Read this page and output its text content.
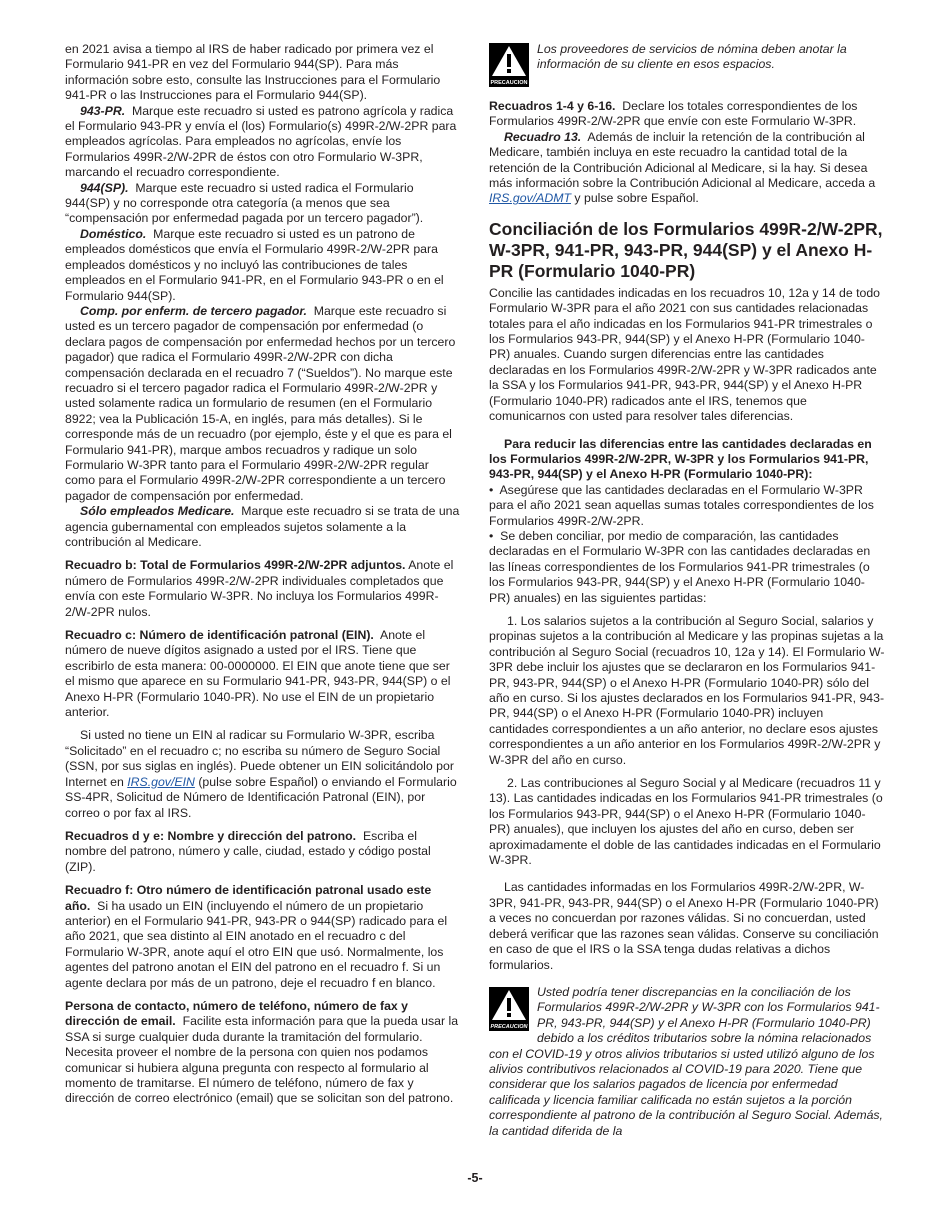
en 2021 avisa a tiempo al IRS de haber radicado por primera vez el Formulario 941-PR en vez del Formulario 944(SP). Para más información sobre esto, consulte las Instrucciones para el Formulario 941-PR o las Instrucciones para el Formulario 944(SP).

943-PR. Marque este recuadro si usted es patrono agrícola y radica el Formulario 943-PR y envía el (los) Formulario(s) 499R-2/W-2PR para empleados agrícolas. Para empleados no agrícolas, envíe los Formularios 499R-2/W-2PR de éstos con otro Formulario W-3PR, marcando el recuadro correspondiente.

944(SP). Marque este recuadro si usted radica el Formulario 944(SP) y no corresponde otra categoría (a menos que sea “compensación por enfermedad pagada por un tercero pagador”).

Doméstico. Marque este recuadro si usted es un patrono de empleados domésticos que envía el Formulario 499R-2/W-2PR para empleados domésticos y no incluyó las contribuciones de tales empleados en el Formulario 941-PR, en el Formulario 943-PR o en el Formulario 944(SP).

Comp. por enferm. de tercero pagador. Marque este recuadro si usted es un tercero pagador de compensación por enfermedad (o declara pagos de compensación por enfermedad hechos por un tercero pagador) que radica el Formulario 499R-2/W-2PR con dicha compensación declarada en el recuadro 7 (“Sueldos”). No marque este recuadro si el tercero pagador radica el Formulario 499R-2/W-2PR y usted solamente radica un formulario de resumen (en el Formulario 8922; vea la Publicación 15-A, en inglés, para más detalles). Si le corresponde más de un recuadro (por ejemplo, éste y el que es para el Formulario 941-PR), marque ambos recuadros y radique un solo Formulario W-3PR tanto para el Formulario 499R-2/W-2PR regular como para el Formulario 499R-2/W-2PR correspondiente a un tercero pagador de compensación por enfermedad.

Sólo empleados Medicare. Marque este recuadro si se trata de una agencia gubernamental con empleados sujetos solamente a la contribución al Medicare.

Recuadro b: Total de Formularios 499R-2/W-2PR adjuntos. Anote el número de Formularios 499R-2/W-2PR individuales completados que envía con este Formulario W-3PR. No incluya los Formularios 499R-2/W-2PR nulos.

Recuadro c: Número de identificación patronal (EIN). Anote el número de nueve dígitos asignado a usted por el IRS. Tiene que escribirlo de esta manera: 00-0000000. El EIN que anote tiene que ser el mismo que aparece en su Formulario 941-PR, 943-PR, 944(SP) o el Anexo H-PR (Formulario 1040-PR). No use el EIN de un propietario anterior.

Si usted no tiene un EIN al radicar su Formulario W-3PR, escriba “Solicitado” en el recuadro c; no escriba su número de Seguro Social (SSN, por sus siglas en inglés). Puede obtener un EIN solicitándolo por Internet en IRS.gov/EIN (pulse sobre Español) o enviando el Formulario SS-4PR, Solicitud de Número de Identificación Patronal (EIN), por correo o por fax al IRS.

Recuadros d y e: Nombre y dirección del patrono. Escriba el nombre del patrono, número y calle, ciudad, estado y código postal (ZIP).

Recuadro f: Otro número de identificación patronal usado este año. Si ha usado un EIN (incluyendo el número de un propietario anterior) en el Formulario 941-PR, 943-PR o 944(SP) radicado para el año 2021, que sea distinto al EIN anotado en el recuadro c del Formulario W-3PR, anote aquí el otro EIN que usó. Normalmente, los agentes del patrono anotan el EIN del patrono en el recuadro f. Si un agente declara por más de un patrono, deje el recuadro f en blanco.

Persona de contacto, número de teléfono, número de fax y dirección de email. Facilite esta información para que la pueda usar la SSA si surge cualquier duda durante la tramitación del formulario. Necesita proveer el nombre de la persona con quien nos podamos comunicar si hubiera alguna pregunta con respecto al formulario al momento de tramitarse. El número de teléfono, número de fax y dirección de correo electrónico (email) que se solicitan son del patrono.

PRECAUCION

Los proveedores de servicios de nómina deben anotar la información de su cliente en esos espacios.

Recuadros 1-4 y 6-16. Declare los totales correspondientes de los Formularios 499R-2/W-2PR que envíe con este Formulario W-3PR.

Recuadro 13. Además de incluir la retención de la contribución al Medicare, también incluya en este recuadro la cantidad total de la retención de la Contribución Adicional al Medicare, si la hay. Si desea más información sobre la Contribución Adicional al Medicare, acceda a IRS.gov/ADMT y pulse sobre Español.

Conciliación de los Formularios 499R-2/W-2PR, W-3PR, 941-PR, 943-PR, 944(SP) y el Anexo H-PR (Formulario 1040-PR)

Concilie las cantidades indicadas en los recuadros 10, 12a y 14 de todo Formulario W-3PR para el año 2021 con sus cantidades relacionadas totales para el año indicadas en los Formularios 941-PR trimestrales o los Formularios 943-PR, 944(SP) y el Anexo H-PR (Formulario 1040-PR) anuales. Cuando surgen diferencias entre las cantidades declaradas en los Formularios 499R-2/W-2PR y W-3PR radicados ante la SSA y los Formularios 941-PR, 943-PR, 944(SP) y el Anexo H-PR (Formulario 1040-PR) radicados ante el IRS, tenemos que comunicarnos con usted para resolver tales diferencias.

Para reducir las diferencias entre las cantidades declaradas en los Formularios 499R-2/W-2PR, W-3PR y los Formularios 941-PR, 943-PR, 944(SP) y el Anexo H-PR (Formulario 1040-PR):

•  Asegúrese que las cantidades declaradas en el Formulario W-3PR para el año 2021 sean aquellas sumas totales correspondientes de los Formularios 499R-2/W-2PR.

•  Se deben conciliar, por medio de comparación, las cantidades declaradas en el Formulario W-3PR con las cantidades declaradas en las líneas correspondientes de los Formularios 941-PR trimestrales (o los Formularios 943-PR, 944(SP) y el Anexo H-PR (Formulario 1040-PR) anuales) en las siguientes partidas:

1. Los salarios sujetos a la contribución al Seguro Social, salarios y propinas sujetos a la contribución al Medicare y las propinas sujetas a la contribución al Seguro Social (recuadros 10, 12a y 14). El Formulario W-3PR debe incluir los ajustes que se declararon en los Formularios 941-PR, 943-PR, 944(SP) o el Anexo H-PR (Formulario 1040-PR) sólo del año en curso. Si los ajustes declarados en los Formularios 941-PR, 943-PR, 944(SP) o el Anexo H-PR (Formulario 1040-PR) incluyen cantidades correspondientes a un año anterior, no declare esos ajustes correspondientes a un año anterior en los Formularios 499R-2/W-2PR y W-3PR del año en curso.

2. Las contribuciones al Seguro Social y al Medicare (recuadros 11 y 13). Las cantidades indicadas en los Formularios 941-PR trimestrales (o los Formularios 943-PR, 944(SP) o el Anexo H-PR (Formulario 1040-PR) anuales), que incluyen los ajustes del año en curso, deben ser aproximadamente el doble de las cantidades indicadas en el Formulario W-3PR.

Las cantidades informadas en los Formularios 499R-2/W-2PR, W-3PR, 941-PR, 943-PR, 944(SP) o el Anexo H-PR (Formulario 1040-PR) a veces no concuerdan por razones válidas. Si no concuerdan, usted deberá verificar que las razones sean válidas. Conserve su conciliación en caso de que el IRS o la SSA tenga dudas relativas a dichos formularios.

PRECAUCION
Usted podría tener discrepancias en la conciliación de los Formularios 499R-2/W-2PR y W-3PR con los Formularios 941-PR, 943-PR, 944(SP) y el Anexo H-PR (Formulario 1040-PR) debido a los créditos tributarios sobre la nómina relacionados con el COVID-19 y otros alivios tributarios si usted utilizó alguno de los alivios contributivos relacionados al COVID-19 para 2020. Tiene que considerar que los salarios pagados de licencia por enfermedad calificada y licencia familiar calificada no están sujetos a la porción correspondiente al patrono de la contribución al Seguro Social. Además, la cantidad diferida de la
-5-
